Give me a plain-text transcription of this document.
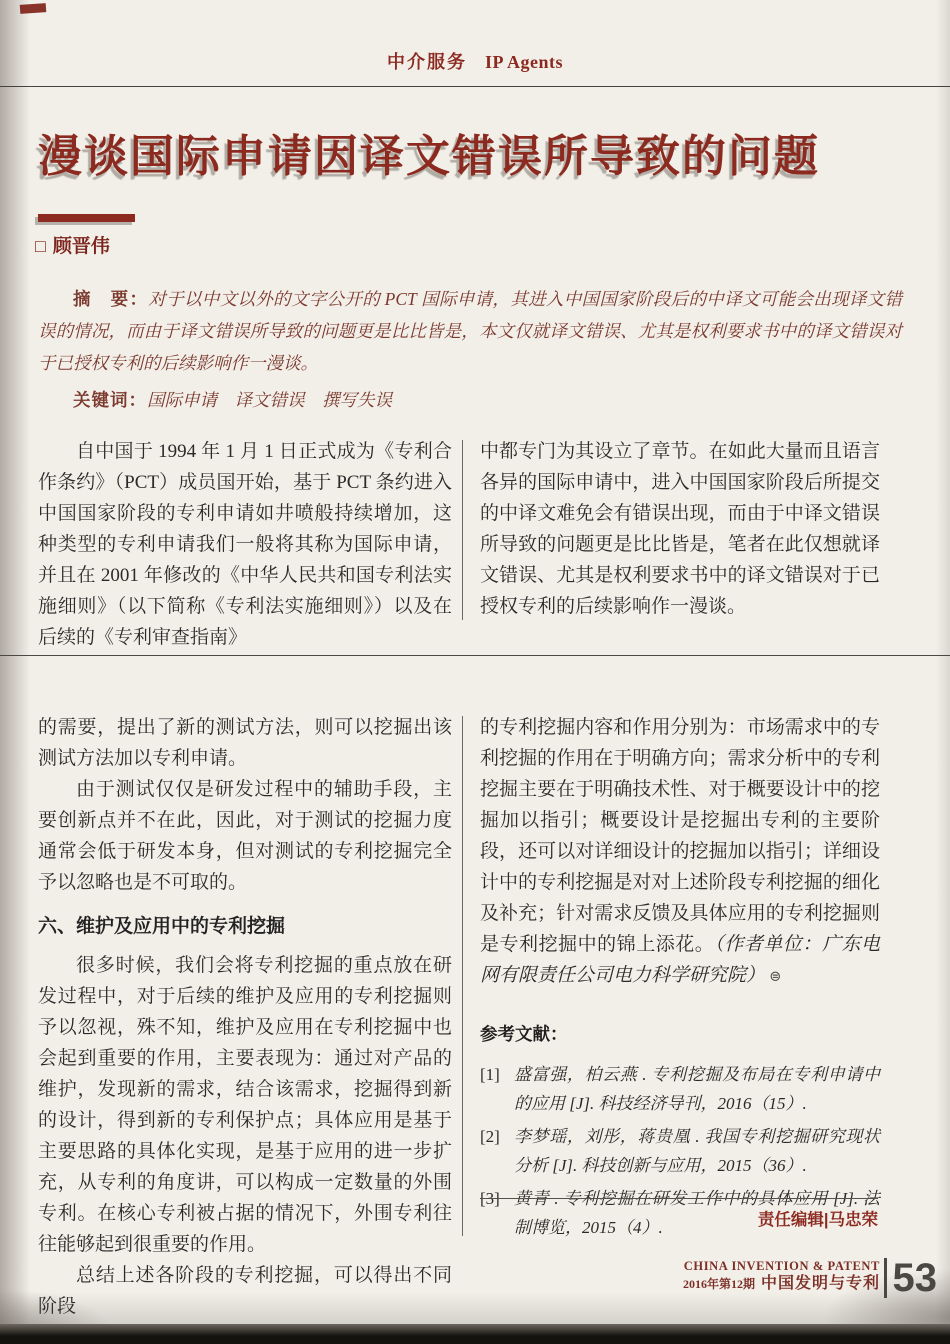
中介服务 IP Agents
漫谈国际申请因译文错误所导致的问题
□ 顾晋伟

摘　要：对于以中文以外的文字公开的 PCT 国际申请，其进入中国国家阶段后的中译文可能会出现译文错误的情况，而由于译文错误所导致的问题更是比比皆是，本文仅就译文错误、尤其是权利要求书中的译文错误对于已授权专利的后续影响作一漫谈。

关键词：国际申请　译文错误　撰写失误

自中国于 1994 年 1 月 1 日正式成为《专利合作条约》（PCT）成员国开始，基于 PCT 条约进入中国国家阶段的专利申请如井喷般持续增加，这种类型的专利申请我们一般将其称为国际申请，并且在 2001 年修改的《中华人民共和国专利法实施细则》（以下简称《专利法实施细则》）以及在后续的《专利审查指南》

中都专门为其设立了章节。在如此大量而且语言各异的国际申请中，进入中国国家阶段后所提交的中译文难免会有错误出现，而由于中译文错误所导致的问题更是比比皆是，笔者在此仅想就译文错误、尤其是权利要求书中的译文错误对于已授权专利的后续影响作一漫谈。

的需要，提出了新的测试方法，则可以挖掘出该测试方法加以专利申请。

由于测试仅仅是研发过程中的辅助手段，主要创新点并不在此，因此，对于测试的挖掘力度通常会低于研发本身，但对测试的专利挖掘完全予以忽略也是不可取的。

六、维护及应用中的专利挖掘

很多时候，我们会将专利挖掘的重点放在研发过程中，对于后续的维护及应用的专利挖掘则予以忽视，殊不知，维护及应用在专利挖掘中也会起到重要的作用，主要表现为：通过对产品的维护，发现新的需求，结合该需求，挖掘得到新的设计，得到新的专利保护点；具体应用是基于主要思路的具体化实现，是基于应用的进一步扩充，从专利的角度讲，可以构成一定数量的外围专利。在核心专利被占据的情况下，外围专利往往能够起到很重要的作用。

总结上述各阶段的专利挖掘，可以得出不同阶段

的专利挖掘内容和作用分别为：市场需求中的专利挖掘的作用在于明确方向；需求分析中的专利挖掘主要在于明确技术性、对于概要设计中的挖掘加以指引；概要设计是挖掘出专利的主要阶段，还可以对详细设计的挖掘加以指引；详细设计中的专利挖掘是对对上述阶段专利挖掘的细化及补充；针对需求反馈及具体应用的专利挖掘则是专利挖掘中的锦上添花。（作者单位：广东电网有限责任公司电力科学研究院） ⊜

参考文献：

[1] 盛富强，柏云燕 . 专利挖掘及布局在专利申请中的应用 [J]. 科技经济导刊，2016（15）.
[2] 李梦瑶，刘彤，蒋贵凰 . 我国专利挖掘研究现状分析 [J]. 科技创新与应用，2015（36）.
[3] 黄青 . 专利挖掘在研发工作中的具体应用 [J]. 法制博览，2015（4）.	责任编辑|马忠荣
CHINA INVENTION & PATENT
2016年第12期 中国发明与专利 53
